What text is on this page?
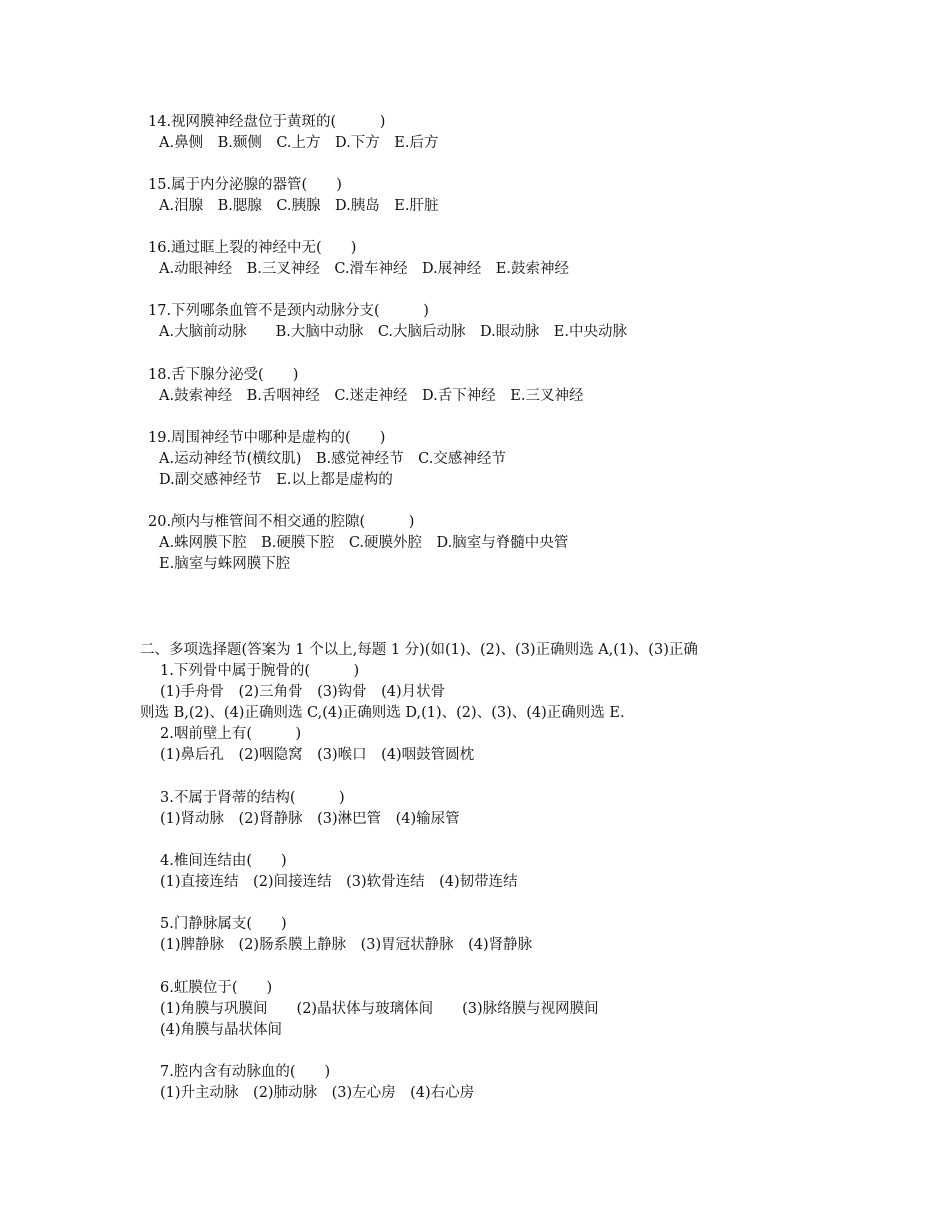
14.视网膜神经盘位于黄斑的(　　　)
A.鼻侧　B.颞侧　C.上方　D.下方　E.后方
15.属于内分泌腺的器管(　　)
A.泪腺　B.腮腺　C.胰腺　D.胰岛　E.肝脏
16.通过眶上裂的神经中无(　　)
A.动眼神经　B.三叉神经　C.滑车神经　D.展神经　E.鼓索神经
17.下列哪条血管不是颈内动脉分支(　　　)
A.大脑前动脉　　B.大脑中动脉　C.大脑后动脉　D.眼动脉　E.中央动脉
18.舌下腺分泌受(　　)
A.鼓索神经　B.舌咽神经　C.迷走神经　D.舌下神经　E.三叉神经
19.周围神经节中哪种是虚构的(　　)
A.运动神经节(横纹肌)　B.感觉神经节　C.交感神经节
D.副交感神经节　E.以上都是虚构的
20.颅内与椎管间不相交通的腔隙(　　　)
A.蛛网膜下腔　B.硬膜下腔　C.硬膜外腔　D.脑室与脊髓中央管
E.脑室与蛛网膜下腔

二、多项选择题(答案为 1 个以上,每题 1 分)(如(1)、(2)、(3)正确则选 A,(1)、(3)正确

则选 B,(2)、(4)正确则选 C,(4)正确则选 D,(1)、(2)、(3)、(4)正确则选 E.

1.下列骨中属于腕骨的(　　　)
(1)手舟骨　(2)三角骨　(3)钩骨　(4)月状骨
2.咽前壁上有(　　　)
(1)鼻后孔　(2)咽隐窝　(3)喉口　(4)咽鼓管圆枕
3.不属于肾蒂的结构(　　　)
(1)肾动脉　(2)肾静脉　(3)淋巴管　(4)输尿管
4.椎间连结由(　　)
(1)直接连结　(2)间接连结　(3)软骨连结　(4)韧带连结
5.门静脉属支(　　)
(1)脾静脉　(2)肠系膜上静脉　(3)胃冠状静脉　(4)肾静脉
6.虹膜位于(　　)
(1)角膜与巩膜间　　(2)晶状体与玻璃体间　　(3)脉络膜与视网膜间
(4)角膜与晶状体间
7.腔内含有动脉血的(　　)
(1)升主动脉　(2)肺动脉　(3)左心房　(4)右心房
